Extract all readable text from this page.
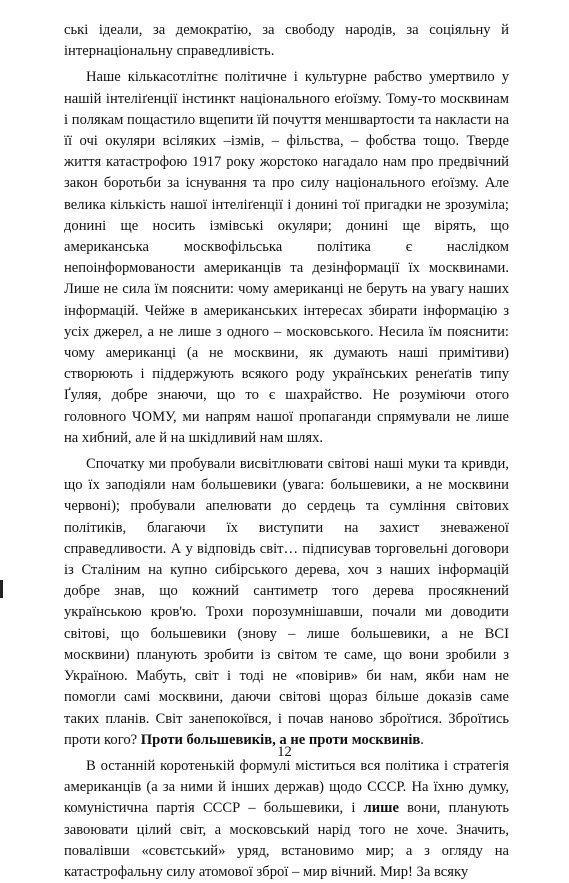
ські ідеали, за демократію, за свободу народів, за соціяльну й інтернаціональну справедливість.

Наше кількасотлітнє політичне і культурне рабство умертвило у нашій інтеліґенції інстинкт національного еґоїзму. Тому-то москвинам і полякам пощастило вщепити їй почуття меншвартости та накласти на її очі окуляри всіляких –ізмів, – фільства, – фобства тощо. Тверде життя катастрофою 1917 року жорстоко нагадало нам про предвічний закон боротьби за існування та про силу національного еґоїзму. Але велика кількість нашої інтеліґенції і донині тої пригадки не зрозуміла; донині ще носить ізмівські окуляри; донині ще вірять, що американська москвофільська політика є наслідком непоінформованости американців та дезінформації їх москвинами. Лише не сила їм пояснити: чому американці не беруть на увагу наших інформацій. Чейже в американських інтересах збирати інформацію з усіх джерел, а не лише з одного – московського. Несила їм пояснити: чому американці (а не москвини, як думають наші примітиви) створюють і піддержують всякого роду українських ренеґатів типу Ґуляя, добре знаючи, що то є шахрайство. Не розуміючи отого головного ЧОМУ, ми напрям нашої пропаганди спрямували не лише на хибний, але й на шкідливий нам шлях.

Спочатку ми пробували висвітлювати світові наші муки та кривди, що їх заподіяли нам большевики (увага: большевики, а не москвини червоні); пробували апелювати до сердець та сумління світових політиків, благаючи їх виступити на захист зневаженої справедливости. А у відповідь світ… підписував торговельні договори із Сталіним на купно сибірського дерева, хоч з наших інформацій добре знав, що кожний сантиметр того дерева просякнений українською кров'ю. Трохи порозумнішавши, почали ми доводити світові, що большевики (знову – лише большевики, а не ВСІ москвини) планують зробити із світом те саме, що вони зробили з Україною. Мабуть, світ і тоді не «повірив» би нам, якби нам не помогли самі москвини, даючи світові щораз більше доказів саме таких планів. Світ занепокоївся, і почав наново зброїтися. Зброїтись проти кого? Проти большевиків, а не проти москвинів.

В останній коротенькій формулі міститься вся політика і стратегія американців (а за ними й інших держав) щодо СССР. На їхню думку, комуністична партія СССР – большевики, і лише вони, планують завоювати цілий світ, а московський нарід того не хоче. Значить, повалівши «совєтський» уряд, встановимо мир; а з огляду на катастрофальну силу атомової зброї – мир вічний. Мир! За всяку

12
